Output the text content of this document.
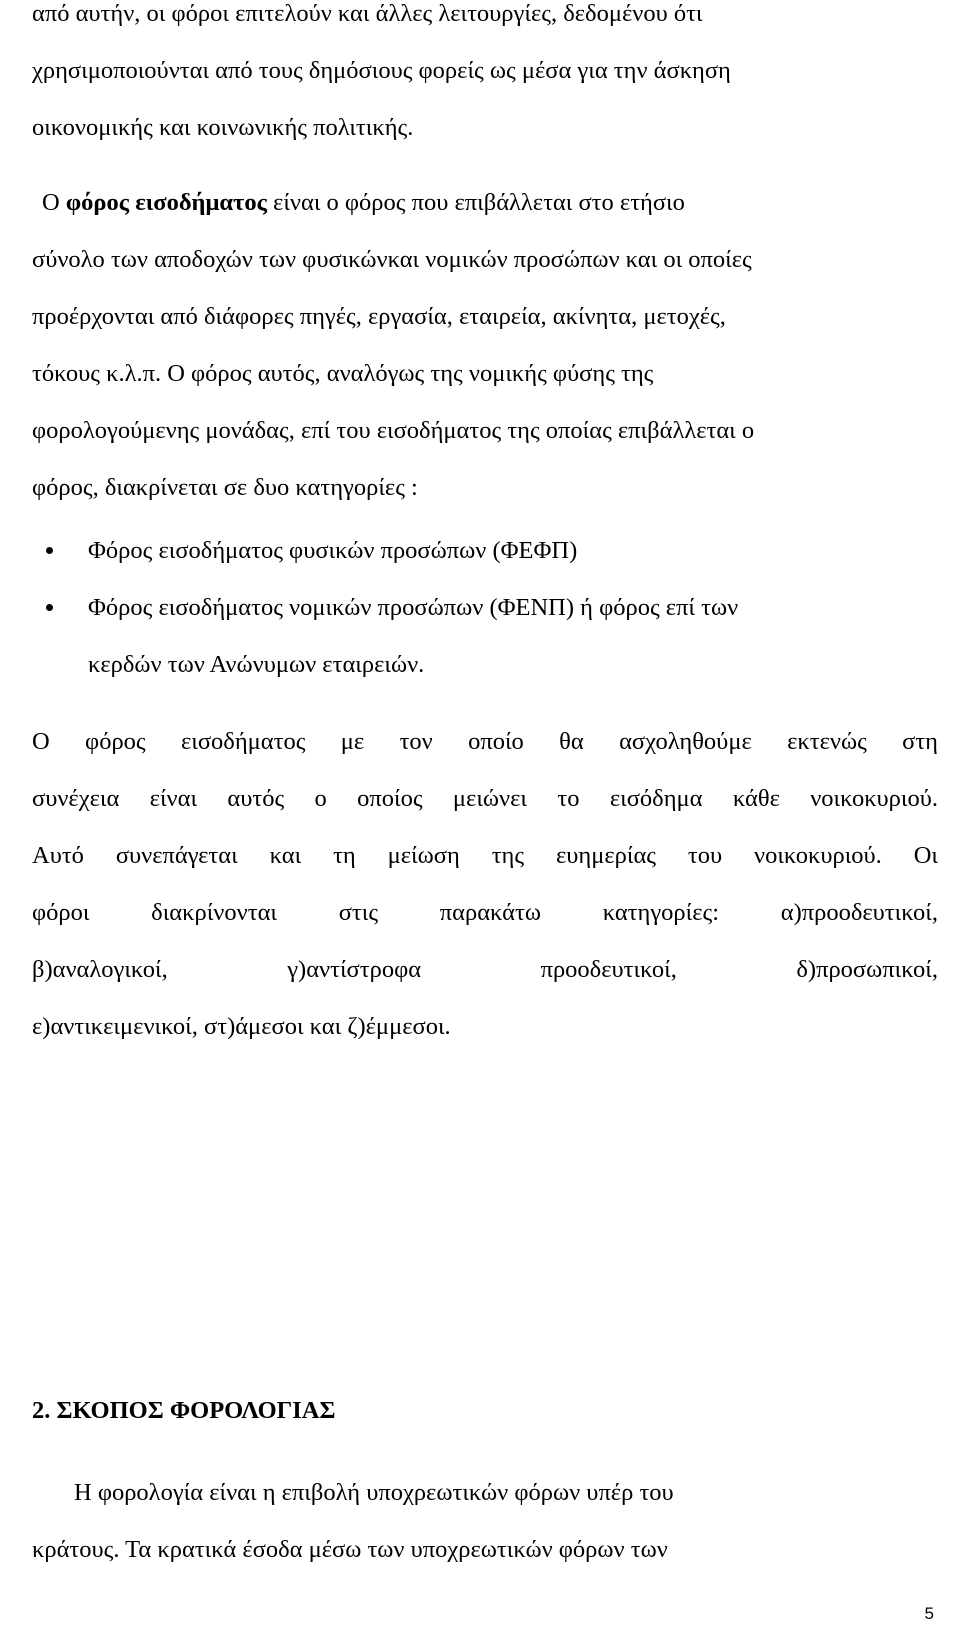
από αυτήν, οι φόροι επιτελούν και άλλες λειτουργίες, δεδομένου ότι
χρησιμοποιούνται από τους δημόσιους φορείς ως μέσα για την άσκηση
οικονομικής και κοινωνικής πολιτικής.

Ο φόρος εισοδήματος είναι ο φόρος που επιβάλλεται στο ετήσιο
σύνολο των αποδοχών των φυσικώνκαι νομικών προσώπων και οι οποίες
προέρχονται από διάφορες πηγές, εργασία, εταιρεία, ακίνητα, μετοχές,
τόκους κ.λ.π. Ο φόρος αυτός, αναλόγως της νομικής φύσης της
φορολογούμενης μονάδας, επί του εισοδήματος της οποίας επιβάλλεται ο
φόρος, διακρίνεται σε δυο κατηγορίες :

Φόρος εισοδήματος φυσικών προσώπων (ΦΕΦΠ)
Φόρος εισοδήματος νομικών προσώπων (ΦΕΝΠ) ή φόρος επί των
κερδών των Ανώνυμων εταιρειών.

Ο φόρος εισοδήματος με τον οποίο θα ασχοληθούμε εκτενώς στη
συνέχεια είναι αυτός ο οποίος μειώνει το εισόδημα κάθε νοικοκυριού.
Αυτό συνεπάγεται και τη μείωση της ευημερίας του νοικοκυριού. Οι
φόροι διακρίνονται στις παρακάτω κατηγορίες: α)προοδευτικοί,
β)αναλογικοί, γ)αντίστροφα προοδευτικοί, δ)προσωπικοί,
ε)αντικειμενικοί, στ)άμεσοι και ζ)έμμεσοι.

2. ΣΚΟΠΟΣ ΦΟΡΟΛΟΓΙΑΣ

Η φορολογία είναι η επιβολή υποχρεωτικών φόρων υπέρ του
κράτους. Τα κρατικά έσοδα μέσω των υποχρεωτικών φόρων των

5
